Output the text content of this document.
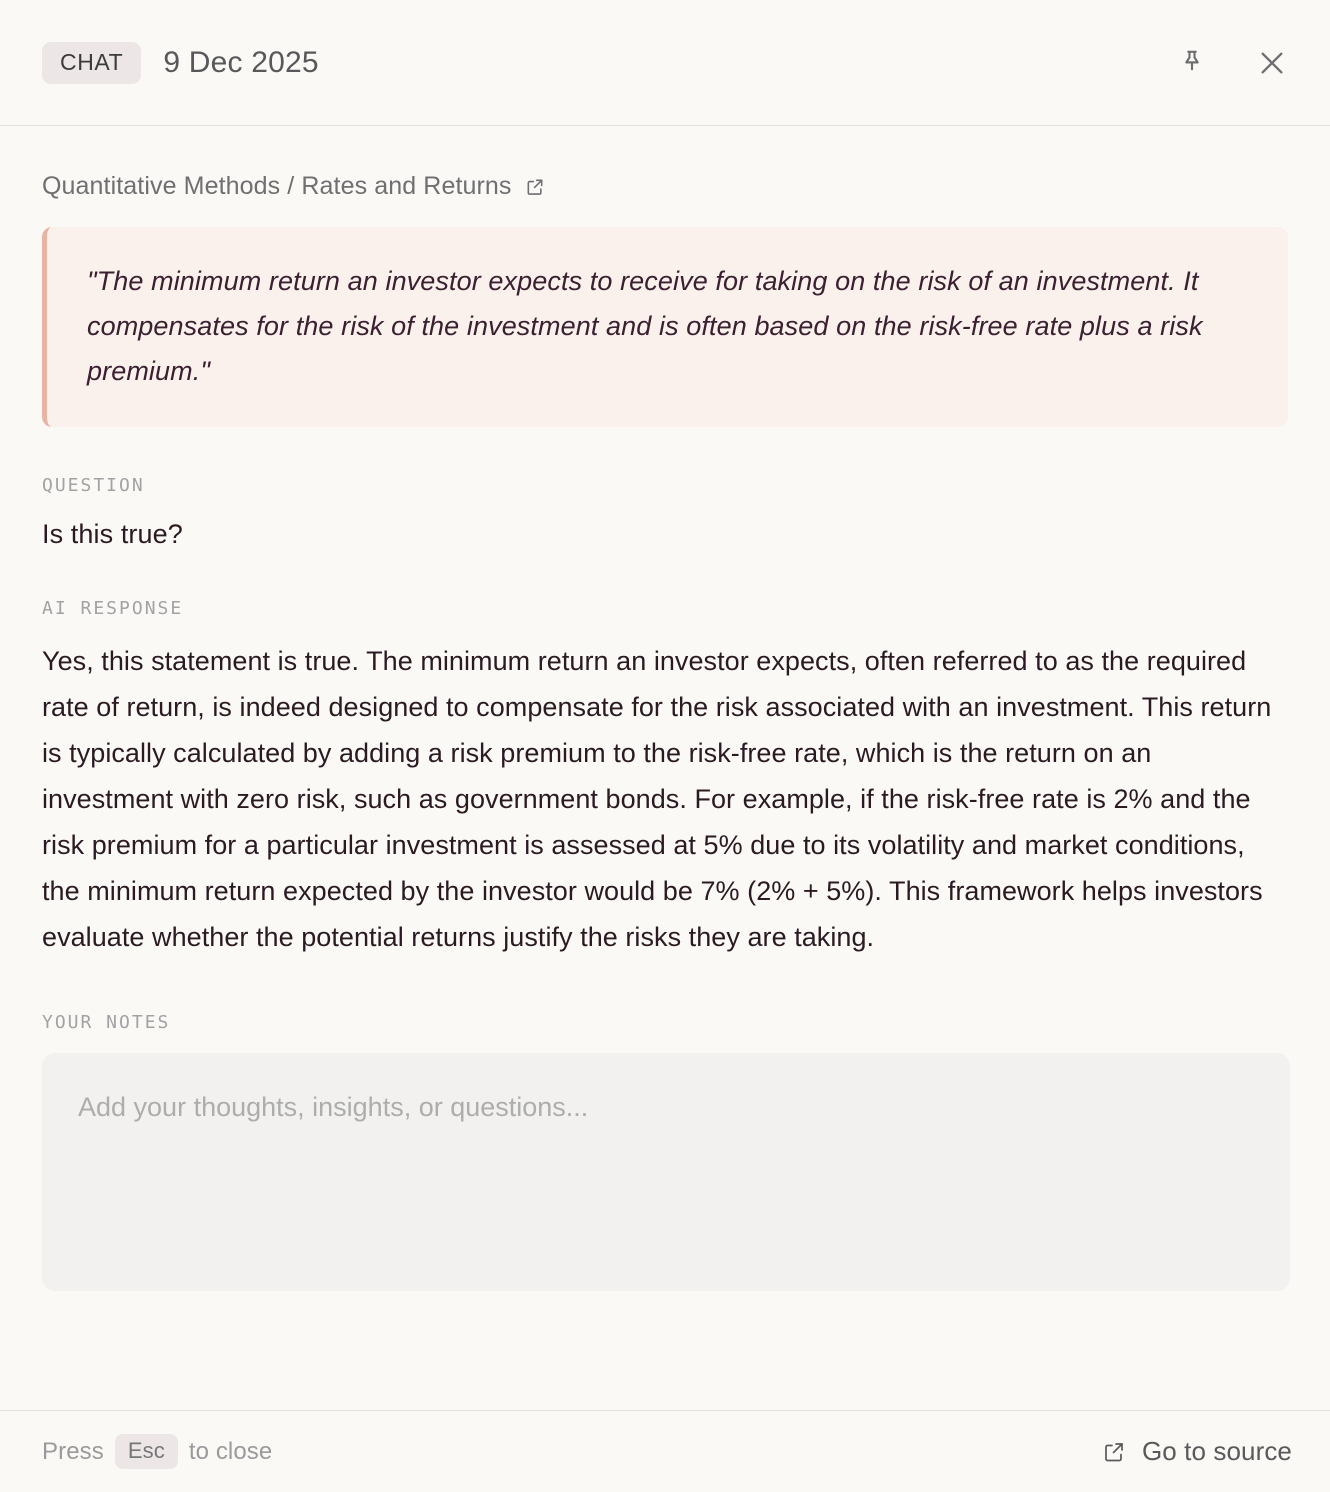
CHAT	9 Dec 2025
Quantitative Methods / Rates and Returns
"The minimum return an investor expects to receive for taking on the risk of an investment. It compensates for the risk of the investment and is often based on the risk-free rate plus a risk premium."
QUESTION
Is this true?
AI RESPONSE
Yes, this statement is true. The minimum return an investor expects, often referred to as the required rate of return, is indeed designed to compensate for the risk associated with an investment. This return is typically calculated by adding a risk premium to the risk-free rate, which is the return on an investment with zero risk, such as government bonds. For example, if the risk-free rate is 2% and the risk premium for a particular investment is assessed at 5% due to its volatility and market conditions, the minimum return expected by the investor would be 7% (2% + 5%). This framework helps investors evaluate whether the potential returns justify the risks they are taking.
YOUR NOTES
Add your thoughts, insights, or questions...
Press	Esc	to close	Go to source
